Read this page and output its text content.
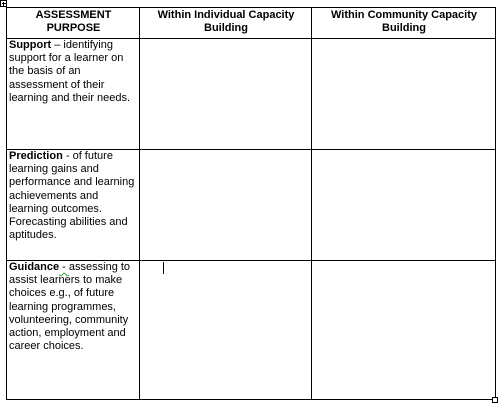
ASSESSMENT PURPOSE	Within Individual Capacity Building	Within Community Capacity Building
Support – identifying support for a learner on the basis of an assessment of their learning and their needs.		
Prediction - of future learning gains and performance and learning achievements and learning outcomes. Forecasting abilities and aptitudes.		
Guidance - assessing to assist learners to make choices e.g., of future learning programmes, volunteering, community action, employment and career choices.		
